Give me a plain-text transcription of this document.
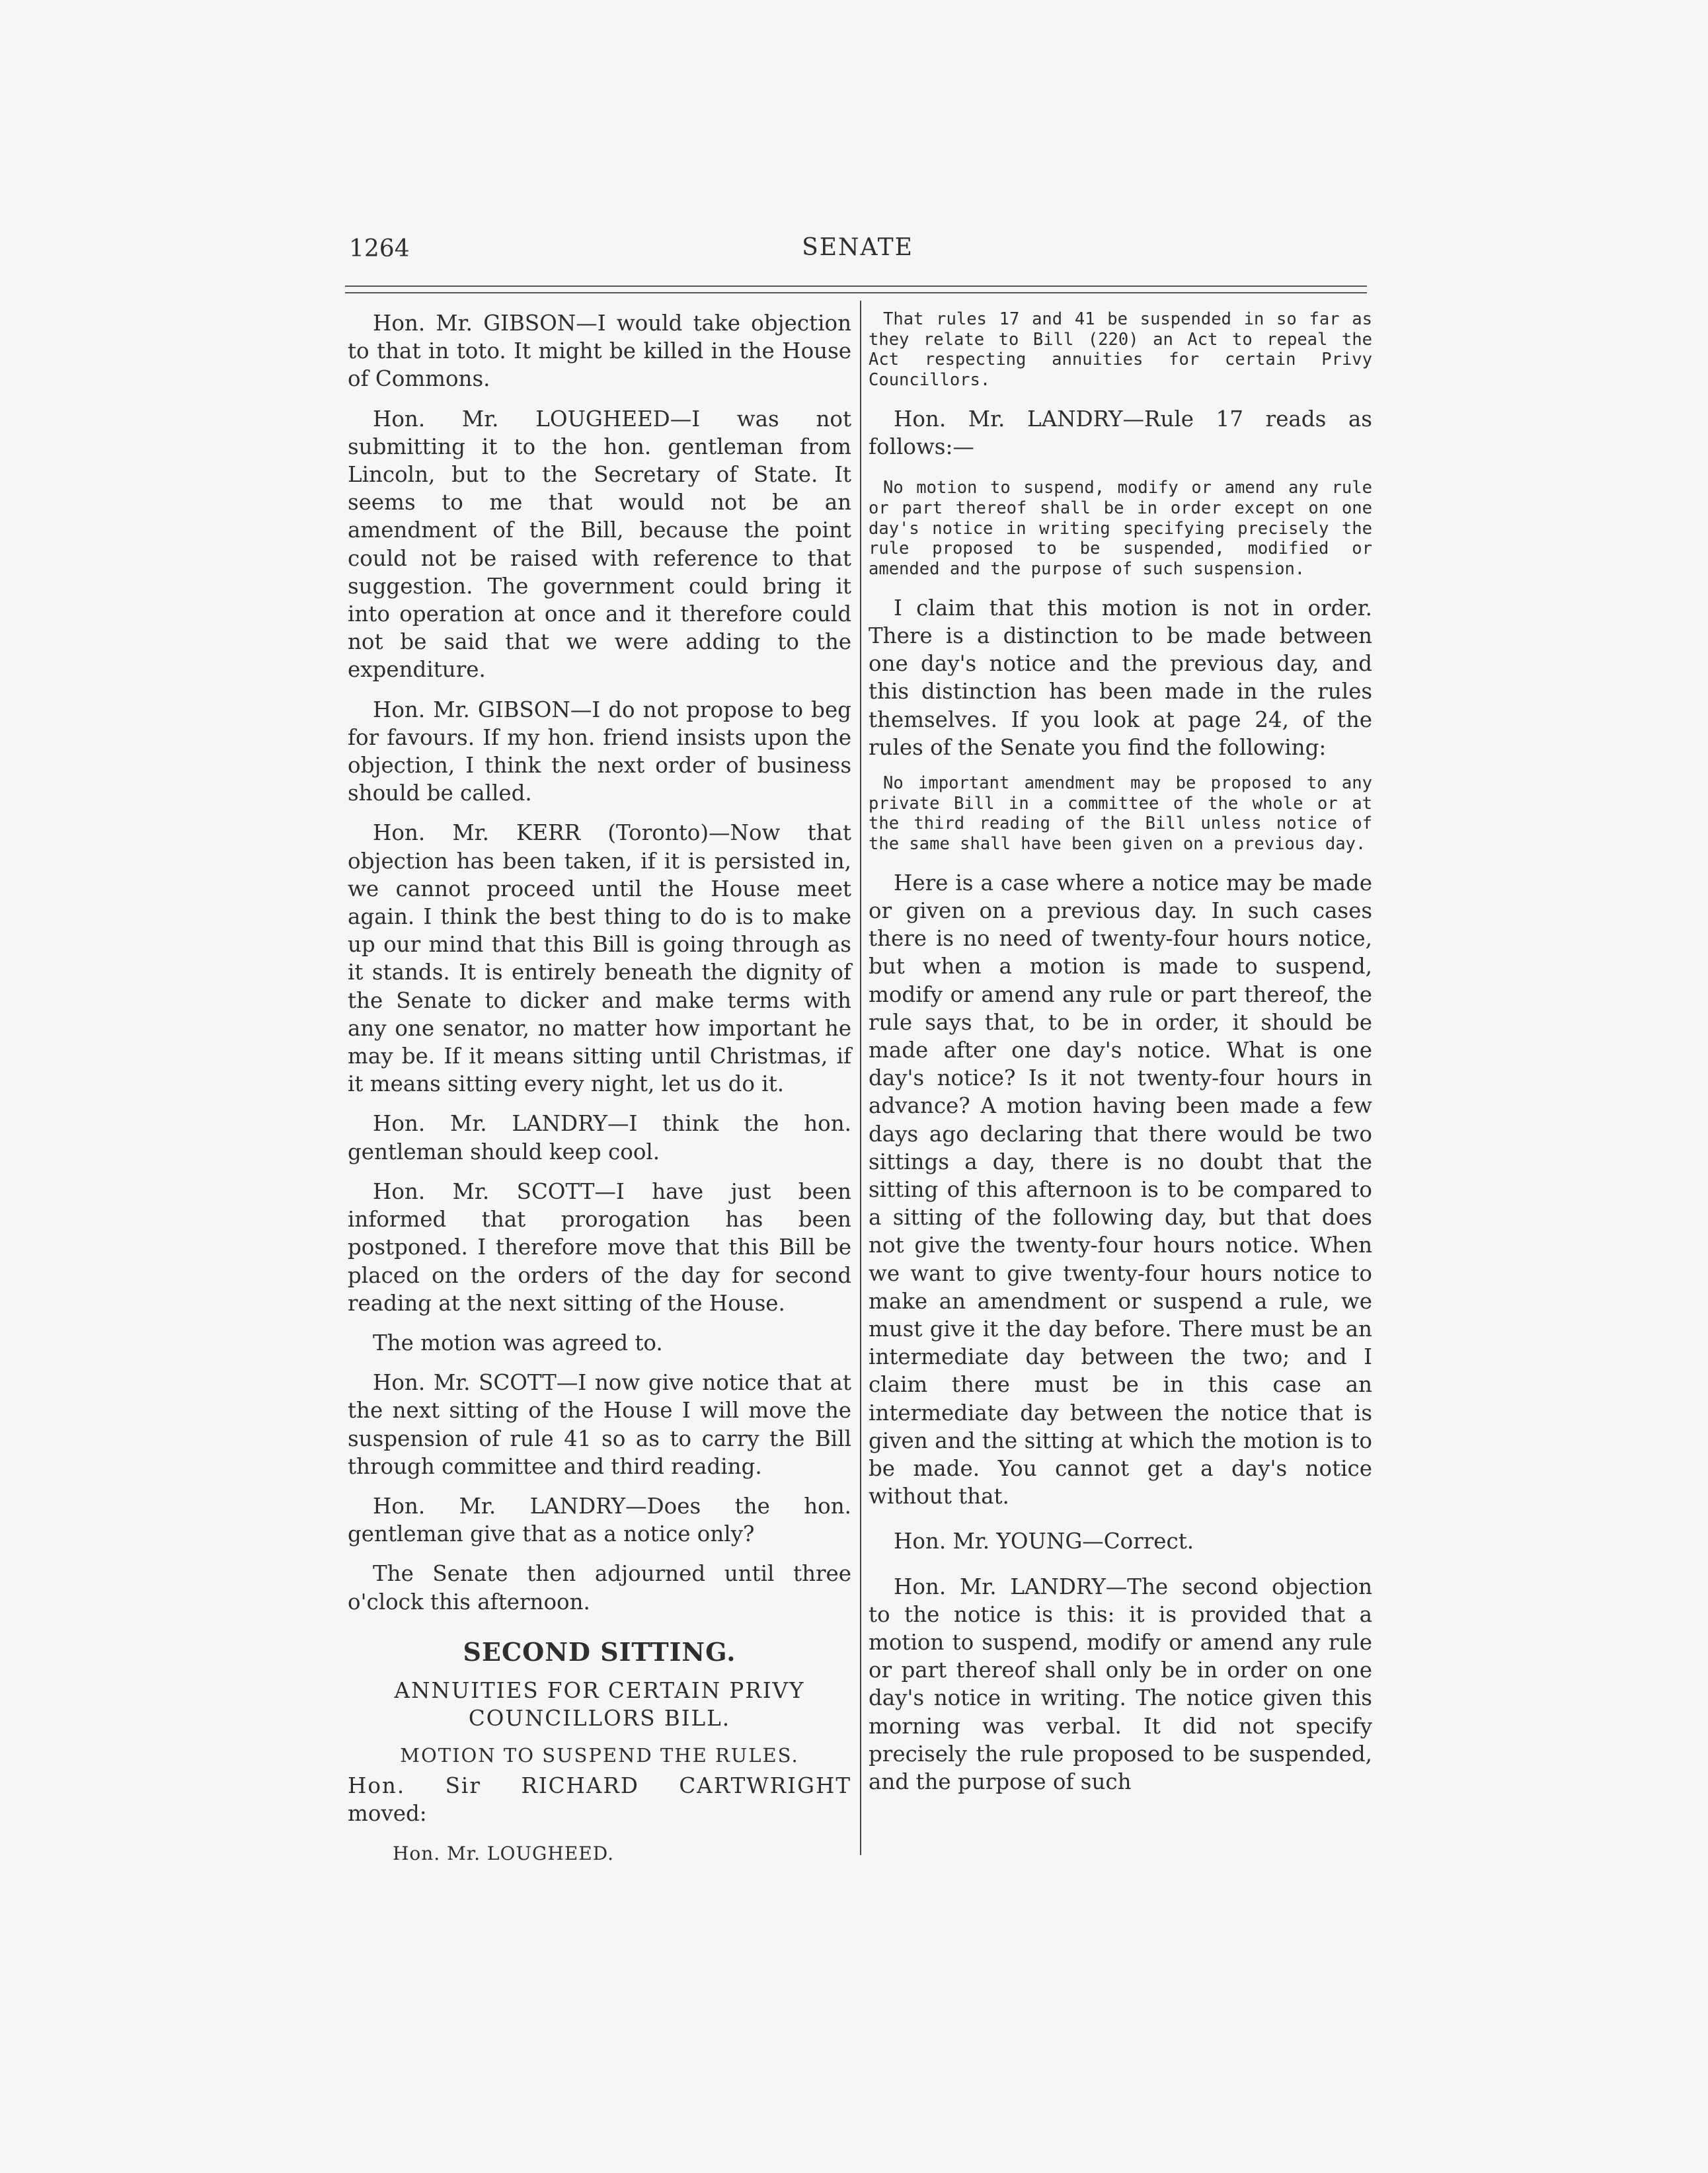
1264	SENATE

Hon. Mr. GIBSON—I would take objection to that in toto. It might be killed in the House of Commons.

Hon. Mr. LOUGHEED—I was not submitting it to the hon. gentleman from Lincoln, but to the Secretary of State. It seems to me that would not be an amendment of the Bill, because the point could not be raised with reference to that suggestion. The government could bring it into operation at once and it therefore could not be said that we were adding to the expenditure.

Hon. Mr. GIBSON—I do not propose to beg for favours. If my hon. friend insists upon the objection, I think the next order of business should be called.

Hon. Mr. KERR (Toronto)—Now that objection has been taken, if it is persisted in, we cannot proceed until the House meet again. I think the best thing to do is to make up our mind that this Bill is going through as it stands. It is entirely beneath the dignity of the Senate to dicker and make terms with any one senator, no matter how important he may be. If it means sitting until Christmas, if it means sitting every night, let us do it.

Hon. Mr. LANDRY—I think the hon. gentleman should keep cool.

Hon. Mr. SCOTT—I have just been informed that prorogation has been postponed. I therefore move that this Bill be placed on the orders of the day for second reading at the next sitting of the House.

The motion was agreed to.

Hon. Mr. SCOTT—I now give notice that at the next sitting of the House I will move the suspension of rule 41 so as to carry the Bill through committee and third reading.

Hon. Mr. LANDRY—Does the hon. gentleman give that as a notice only?

The Senate then adjourned until three o'clock this afternoon.

SECOND SITTING.
ANNUITIES FOR CERTAIN PRIVY
COUNCILLORS BILL.
MOTION TO SUSPEND THE RULES.
Hon. Sir RICHARD CARTWRIGHT
moved:
Hon. Mr. LOUGHEED.

That rules 17 and 41 be suspended in so far as they relate to Bill (220) an Act to repeal the Act respecting annuities for certain Privy Councillors.

Hon. Mr. LANDRY—Rule 17 reads as follows:—

No motion to suspend, modify or amend any rule or part thereof shall be in order except on one day's notice in writing specifying precisely the rule proposed to be suspended, modified or amended and the purpose of such suspension.

I claim that this motion is not in order. There is a distinction to be made between one day's notice and the previous day, and this distinction has been made in the rules themselves. If you look at page 24, of the rules of the Senate you find the following:

No important amendment may be proposed to any private Bill in a committee of the whole or at the third reading of the Bill unless notice of the same shall have been given on a previous day.

Here is a case where a notice may be made or given on a previous day. In such cases there is no need of twenty-four hours notice, but when a motion is made to suspend, modify or amend any rule or part thereof, the rule says that, to be in order, it should be made after one day's notice. What is one day's notice? Is it not twenty-four hours in advance? A motion having been made a few days ago declaring that there would be two sittings a day, there is no doubt that the sitting of this afternoon is to be compared to a sitting of the following day, but that does not give the twenty-four hours notice. When we want to give twenty-four hours notice to make an amendment or suspend a rule, we must give it the day before. There must be an intermediate day between the two; and I claim there must be in this case an intermediate day between the notice that is given and the sitting at which the motion is to be made. You cannot get a day's notice without that.

Hon. Mr. YOUNG—Correct.

Hon. Mr. LANDRY—The second objection to the notice is this: it is provided that a motion to suspend, modify or amend any rule or part thereof shall only be in order on one day's notice in writing. The notice given this morning was verbal. It did not specify precisely the rule proposed to be suspended, and the purpose of such
